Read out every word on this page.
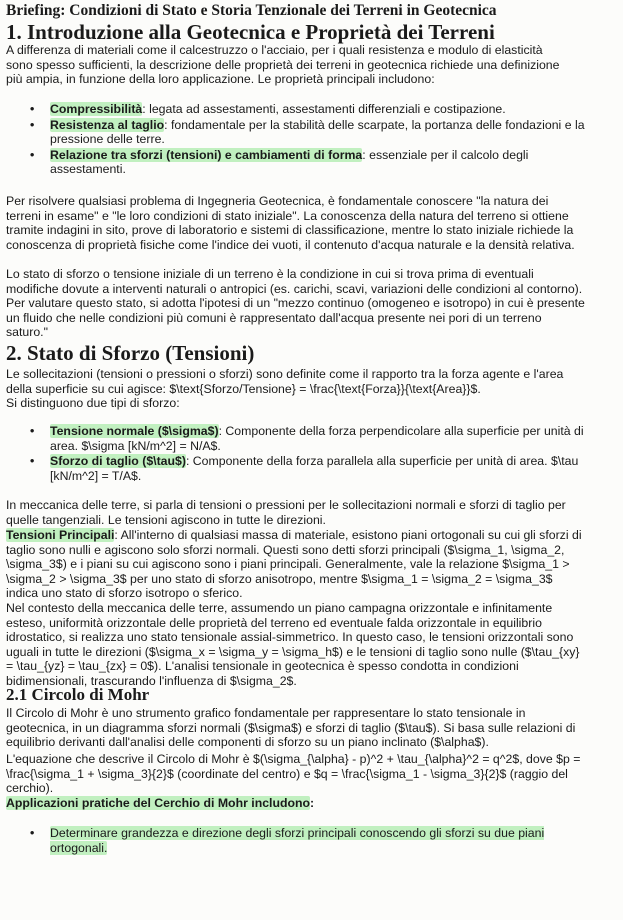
Briefing: Condizioni di Stato e Storia Tenzionale dei Terreni in Geotecnica
1. Introduzione alla Geotecnica e Proprietà dei Terreni
A differenza di materiali come il calcestruzzo o l'acciaio, per i quali resistenza e modulo di elasticità
sono spesso sufficienti, la descrizione delle proprietà dei terreni in geotecnica richiede una definizione
più ampia, in funzione della loro applicazione. Le proprietà principali includono:
• Compressibilità: legata ad assestamenti, assestamenti differenziali e costipazione.
• Resistenza al taglio: fondamentale per la stabilità delle scarpate, la portanza delle fondazioni e la pressione delle terre.
• Relazione tra sforzi (tensioni) e cambiamenti di forma: essenziale per il calcolo degli assestamenti.
Per risolvere qualsiasi problema di Ingegneria Geotecnica, è fondamentale conoscere "la natura dei terreni in esame" e "le loro condizioni di stato iniziale". La conoscenza della natura del terreno si ottiene tramite indagini in sito, prove di laboratorio e sistemi di classificazione, mentre lo stato iniziale richiede la conoscenza di proprietà fisiche come l'indice dei vuoti, il contenuto d'acqua naturale e la densità relativa.
Lo stato di sforzo o tensione iniziale di un terreno è la condizione in cui si trova prima di eventuali modifiche dovute a interventi naturali o antropici (es. carichi, scavi, variazioni delle condizioni al contorno). Per valutare questo stato, si adotta l'ipotesi di un "mezzo continuo (omogeneo e isotropo) in cui è presente un fluido che nelle condizioni più comuni è rappresentato dall'acqua presente nei pori di un terreno saturo."
2. Stato di Sforzo (Tensioni)
Le sollecitazioni (tensioni o pressioni o sforzi) sono definite come il rapporto tra la forza agente e l'area della superficie su cui agisce: $\text{Sforzo/Tensione} = \frac{\text{Forza}}{\text{Area}}$.
Si distinguono due tipi di sforzo:
• Tensione normale ($\sigma$): Componente della forza perpendicolare alla superficie per unità di area. $\sigma [kN/m^2] = N/A$.
• Sforzo di taglio ($\tau$): Componente della forza parallela alla superficie per unità di area. $\tau [kN/m^2] = T/A$.
In meccanica delle terre, si parla di tensioni o pressioni per le sollecitazioni normali e sforzi di taglio per quelle tangenziali. Le tensioni agiscono in tutte le direzioni.
Tensioni Principali: All'interno di qualsiasi massa di materiale, esistono piani ortogonali su cui gli sforzi di taglio sono nulli e agiscono solo sforzi normali. Questi sono detti sforzi principali ($\sigma_1, \sigma_2, \sigma_3$) e i piani su cui agiscono sono i piani principali. Generalmente, vale la relazione $\sigma_1 > \sigma_2 > \sigma_3$ per uno stato di sforzo anisotropo, mentre $\sigma_1 = \sigma_2 = \sigma_3$ indica uno stato di sforzo isotropo o sferico.
Nel contesto della meccanica delle terre, assumendo un piano campagna orizzontale e infinitamente esteso, uniformità orizzontale delle proprietà del terreno ed eventuale falda orizzontale in equilibrio idrostatico, si realizza uno stato tensionale assial-simmetrico. In questo caso, le tensioni orizzontali sono uguali in tutte le direzioni ($\sigma_x = \sigma_y = \sigma_h$) e le tensioni di taglio sono nulle ($\tau_{xy} = \tau_{yz} = \tau_{zx} = 0$). L'analisi tensionale in geotecnica è spesso condotta in condizioni bidimensionali, trascurando l'influenza di $\sigma_2$.
2.1 Circolo di Mohr
Il Circolo di Mohr è uno strumento grafico fondamentale per rappresentare lo stato tensionale in geotecnica, in un diagramma sforzi normali ($\sigma$) e sforzi di taglio ($\tau$). Si basa sulle relazioni di equilibrio derivanti dall'analisi delle componenti di sforzo su un piano inclinato ($\alpha$).
L'equazione che descrive il Circolo di Mohr è $(\sigma_{\alpha} - p)^2 + \tau_{\alpha}^2 = q^2$, dove $p = \frac{\sigma_1 + \sigma_3}{2}$ (coordinate del centro) e $q = \frac{\sigma_1 - \sigma_3}{2}$ (raggio del cerchio).
Applicazioni pratiche del Cerchio di Mohr includono:
• Determinare grandezza e direzione degli sforzi principali conoscendo gli sforzi su due piani ortogonali.
